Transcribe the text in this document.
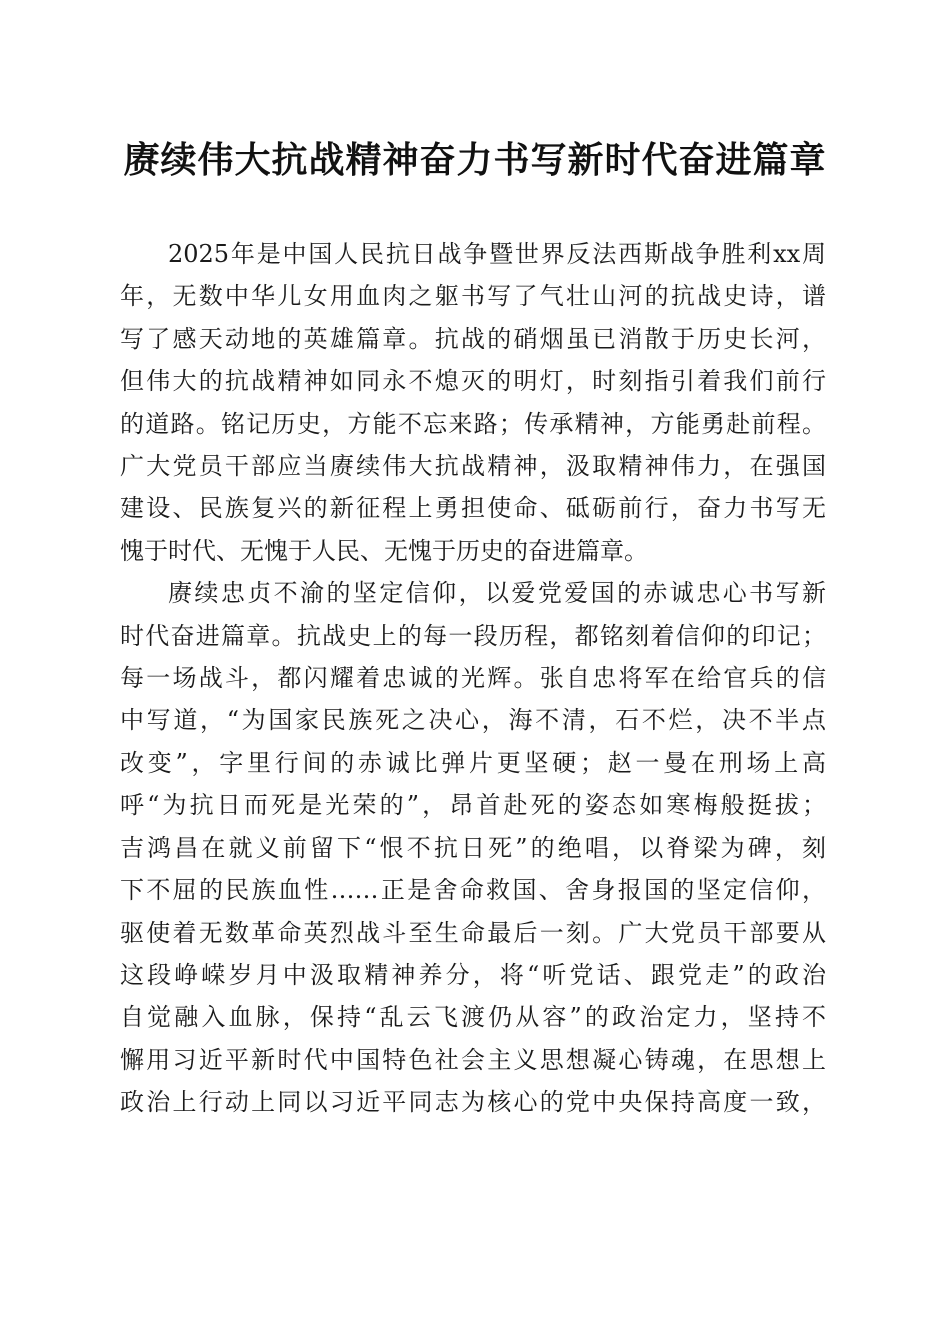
赓续伟大抗战精神奋力书写新时代奋进篇章

2025年是中国人民抗日战争暨世界反法西斯战争胜利xx周
年，无数中华儿女用血肉之躯书写了气壮山河的抗战史诗，谱
写了感天动地的英雄篇章。抗战的硝烟虽已消散于历史长河，
但伟大的抗战精神如同永不熄灭的明灯，时刻指引着我们前行
的道路。铭记历史，方能不忘来路；传承精神，方能勇赴前程。
广大党员干部应当赓续伟大抗战精神，汲取精神伟力，在强国
建设、民族复兴的新征程上勇担使命、砥砺前行，奋力书写无
愧于时代、无愧于人民、无愧于历史的奋进篇章。

赓续忠贞不渝的坚定信仰，以爱党爱国的赤诚忠心书写新
时代奋进篇章。抗战史上的每一段历程，都铭刻着信仰的印记；
每一场战斗，都闪耀着忠诚的光辉。张自忠将军在给官兵的信
中写道，“为国家民族死之决心，海不清，石不烂，决不半点
改变”，字里行间的赤诚比弹片更坚硬；赵一曼在刑场上高
呼“为抗日而死是光荣的”，昂首赴死的姿态如寒梅般挺拔；
吉鸿昌在就义前留下“恨不抗日死”的绝唱，以脊梁为碑，刻
下不屈的民族血性……正是舍命救国、舍身报国的坚定信仰，
驱使着无数革命英烈战斗至生命最后一刻。广大党员干部要从
这段峥嵘岁月中汲取精神养分，将“听党话、跟党走”的政治
自觉融入血脉，保持“乱云飞渡仍从容”的政治定力，坚持不
懈用习近平新时代中国特色社会主义思想凝心铸魂，在思想上
政治上行动上同以习近平同志为核心的党中央保持高度一致，
